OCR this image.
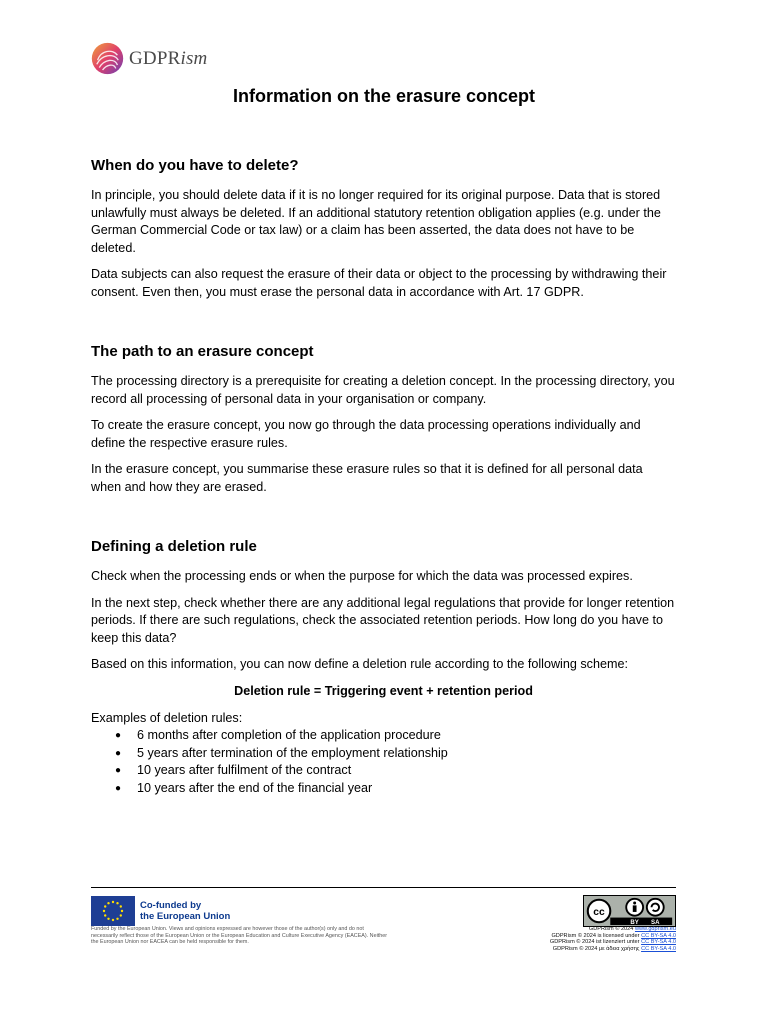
GDPRism
Information on the erasure concept
When do you have to delete?

In principle, you should delete data if it is no longer required for its original purpose. Data that is stored unlawfully must always be deleted. If an additional statutory retention obligation applies (e.g. under the German Commercial Code or tax law) or a claim has been asserted, the data does not have to be deleted.

Data subjects can also request the erasure of their data or object to the processing by withdrawing their consent. Even then, you must erase the personal data in accordance with Art. 17 GDPR.

The path to an erasure concept

The processing directory is a prerequisite for creating a deletion concept. In the processing directory, you record all processing of personal data in your organisation or company.

To create the erasure concept, you now go through the data processing operations individually and define the respective erasure rules.

In the erasure concept, you summarise these erasure rules so that it is defined for all personal data when and how they are erased.

Defining a deletion rule

Check when the processing ends or when the purpose for which the data was processed expires.

In the next step, check whether there are any additional legal regulations that provide for longer retention periods. If there are such regulations, check the associated retention periods. How long do you have to keep this data?

Based on this information, you can now define a deletion rule according to the following scheme:

Deletion rule = Triggering event + retention period

Examples of deletion rules:

● 6 months after completion of the application procedure
● 5 years after termination of the employment relationship
● 10 years after fulfilment of the contract
● 10 years after the end of the financial year
Co-funded by
the European Union
Funded by the European Union. Views and opinions expressed are however those of the author(s) only and do not necessarily reflect those of the European Union or the European Education and Culture Executive Agency (EACEA). Neither the European Union nor EACEA can be held responsible for them.
cc
BY SA
GDPRism © 2024 www.gdprism.eu
GDPRism © 2024 is licensed under CC BY-SA 4.0
GDPRism © 2024 ist lizenziert unter CC BY-SA 4.0
GDPRism © 2024 με άδεια χρήσης CC BY-SA 4.0
